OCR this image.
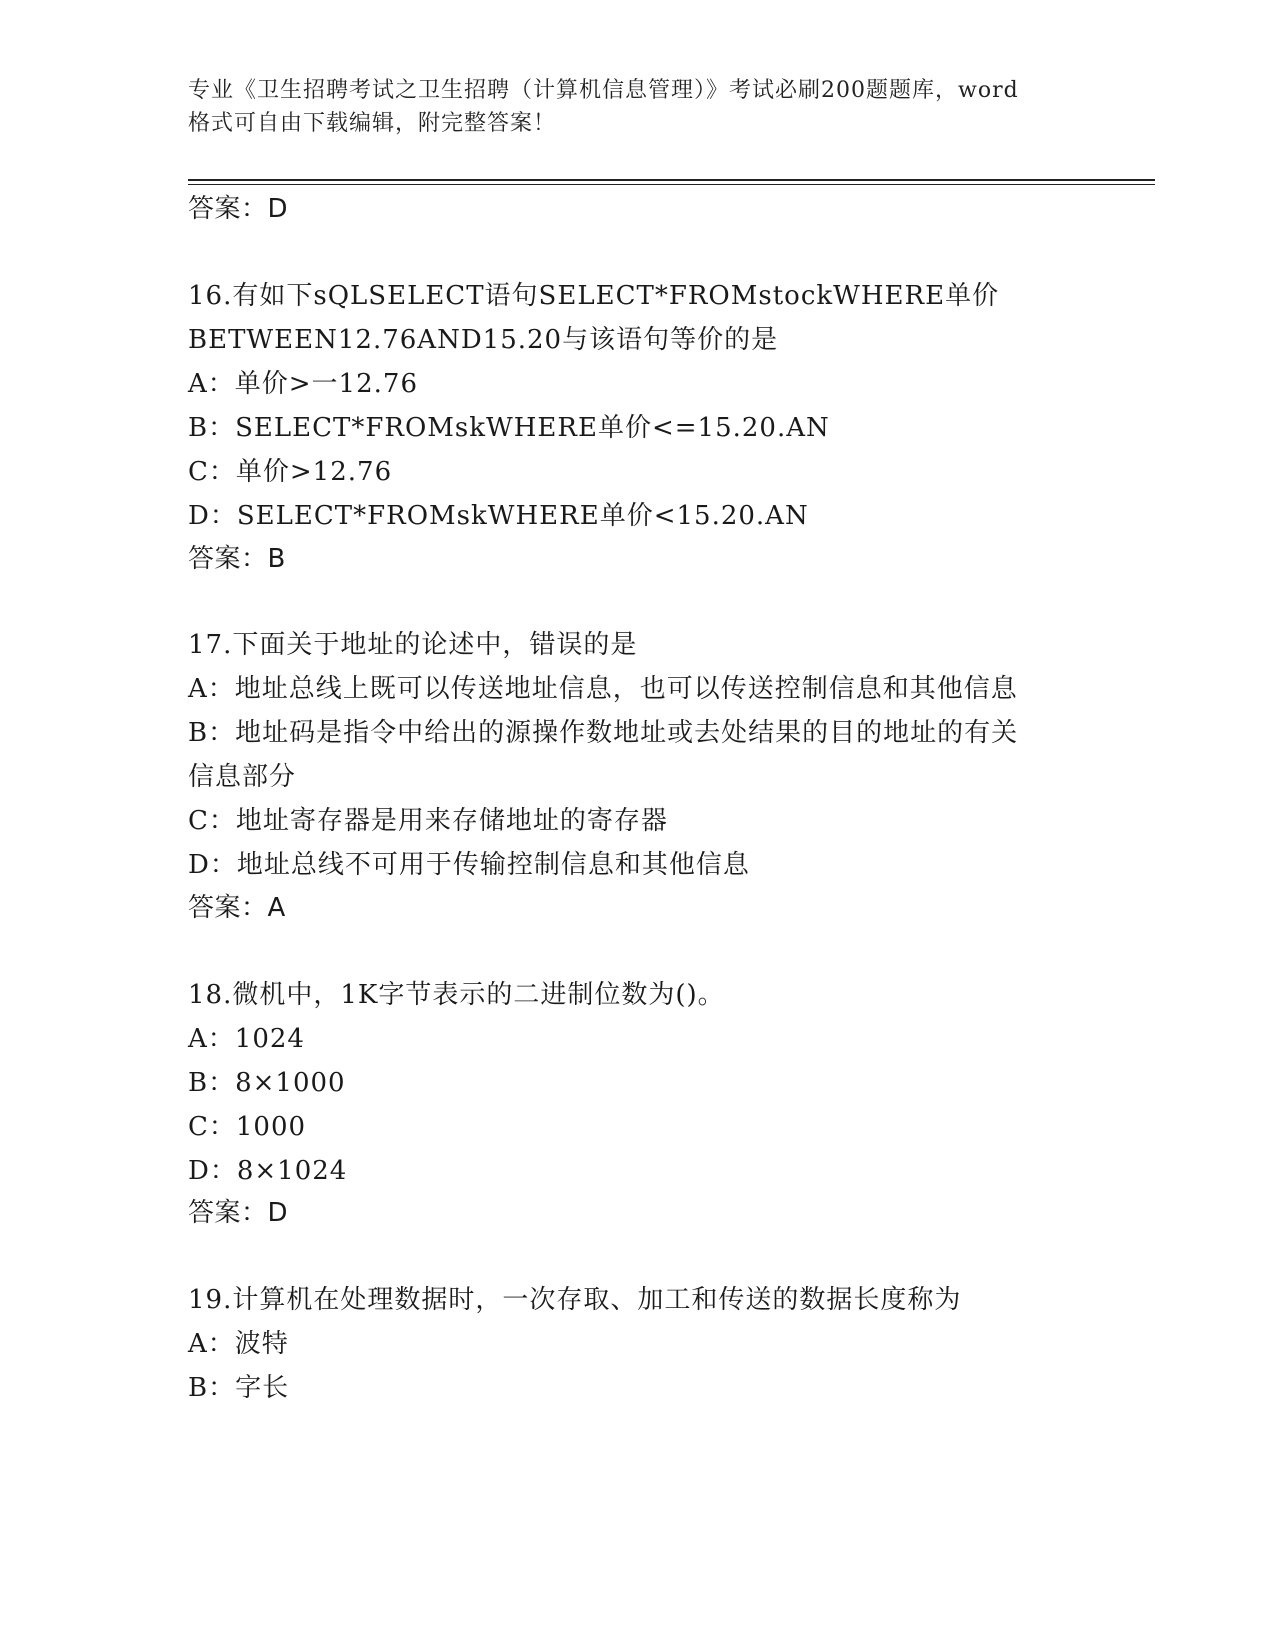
专业《卫生招聘考试之卫生招聘（计算机信息管理）》考试必刷200题题库，word
格式可自由下载编辑，附完整答案！
答案：D
16.有如下sQLSELECT语句SELECT*FROMstockWHERE单价
BETWEEN12.76AND15.20与该语句等价的是
A：单价>一12.76
B：SELECT*FROMskWHERE单价<=15.20.AN
C：单价>12.76
D：SELECT*FROMskWHERE单价<15.20.AN
答案：B
17.下面关于地址的论述中，错误的是
A：地址总线上既可以传送地址信息，也可以传送控制信息和其他信息
B：地址码是指令中给出的源操作数地址或去处结果的目的地址的有关
信息部分
C：地址寄存器是用来存储地址的寄存器
D：地址总线不可用于传输控制信息和其他信息
答案：A
18.微机中，1K字节表示的二进制位数为()。
A：1024
B：8×1000
C：1000
D：8×1024
答案：D
19.计算机在处理数据时，一次存取、加工和传送的数据长度称为
A：波特
B：字长
